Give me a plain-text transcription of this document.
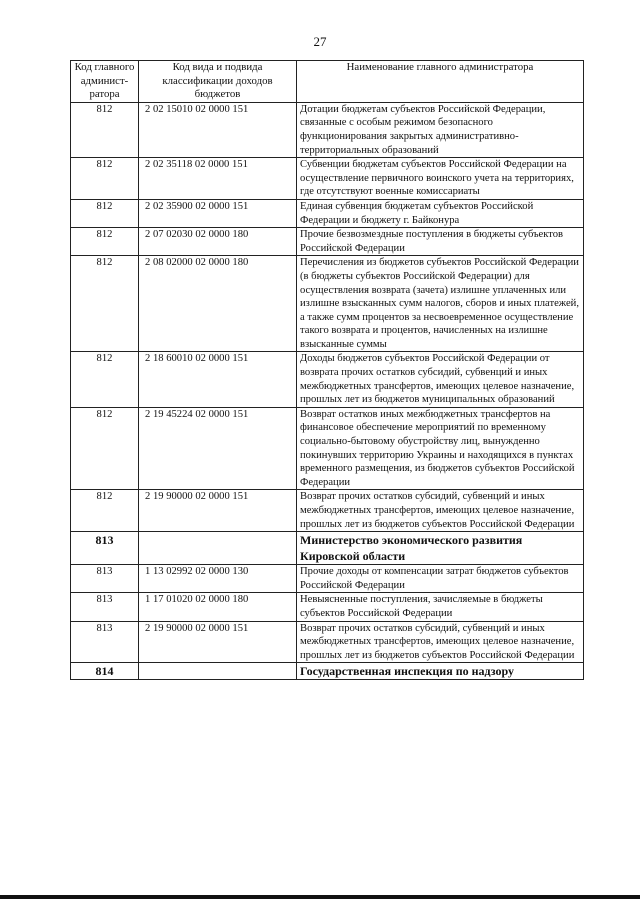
27
Код главного админист-ратора	Код вида и подвида классификации доходов бюджетов	Наименование главного администратора
812	2 02 15010 02 0000 151	Дотации бюджетам субъектов Российской Федерации, связанные с особым режимом безопасного функционирования закрытых административно-территориальных образований
812	2 02 35118 02 0000 151	Субвенции бюджетам субъектов Российской Федерации на осуществление первичного воинского учета на территориях, где отсутствуют военные комиссариаты
812	2 02 35900 02 0000 151	Единая субвенция бюджетам субъектов Российской Федерации и бюджету г. Байконура
812	2 07 02030 02 0000 180	Прочие безвозмездные поступления в бюджеты субъектов Российской Федерации
812	2 08 02000 02 0000 180	Перечисления из бюджетов субъектов Российской Федерации (в бюджеты субъектов Российской Федерации) для осуществления возврата (зачета) излишне уплаченных или излишне взысканных сумм налогов, сборов и иных платежей, а также сумм процентов за несвоевременное осуществление такого возврата и процентов, начисленных на излишне взысканные суммы
812	2 18 60010 02 0000 151	Доходы бюджетов субъектов Российской Федерации от возврата прочих остатков субсидий, субвенций и иных межбюджетных трансфертов, имеющих целевое назначение, прошлых лет из бюджетов муниципальных образований
812	2 19 45224 02 0000 151	Возврат остатков иных межбюджетных трансфертов на финансовое обеспечение мероприятий по временному социально-бытовому обустройству лиц, вынужденно покинувших территорию Украины и находящихся в пунктах временного размещения, из бюджетов субъектов Российской Федерации
812	2 19 90000 02 0000 151	Возврат прочих остатков субсидий, субвенций и иных межбюджетных трансфертов, имеющих целевое назначение, прошлых лет из бюджетов субъектов Российской Федерации
813		Министерство экономического развития Кировской области
813	1 13 02992 02 0000 130	Прочие доходы от компенсации затрат бюджетов субъектов Российской Федерации
813	1 17 01020 02 0000 180	Невыясненные поступления, зачисляемые в бюджеты субъектов Российской Федерации
813	2 19 90000 02 0000 151	Возврат прочих остатков субсидий, субвенций и иных межбюджетных трансфертов, имеющих целевое назначение, прошлых лет из бюджетов субъектов Российской Федерации
814		Государственная инспекция по надзору
